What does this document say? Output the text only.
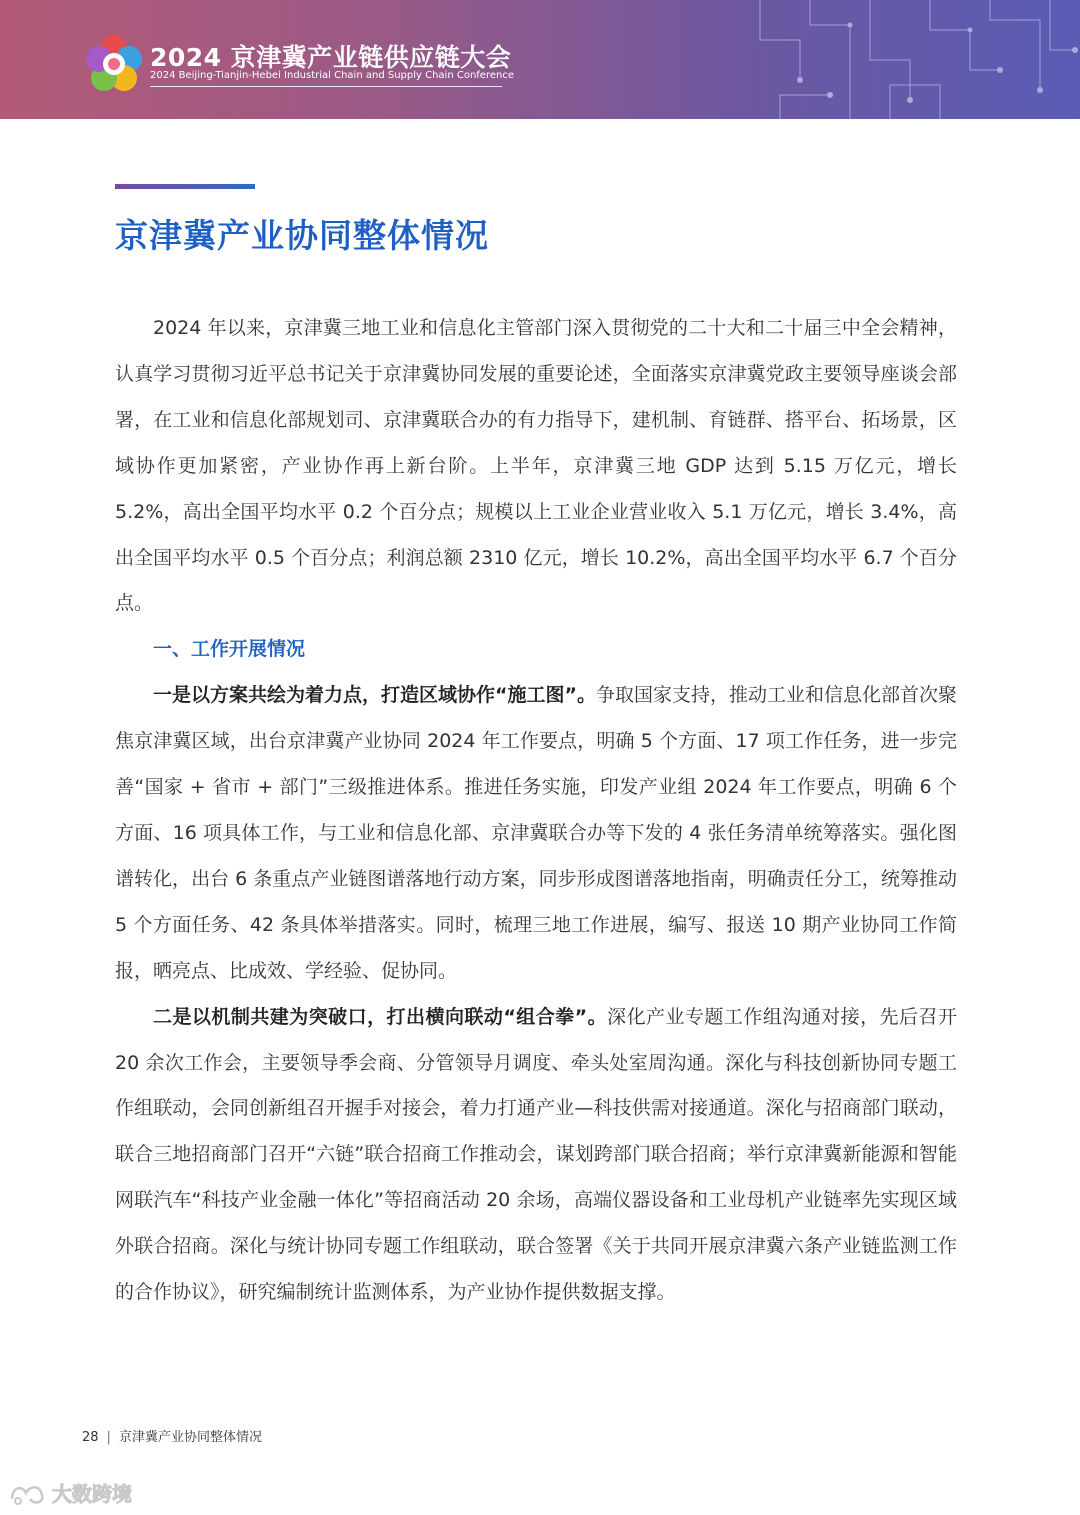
2024 京津冀产业链供应链大会
2024 Beijing-Tianjin-Hebei Industrial Chain and Supply Chain Conference
京津冀产业协同整体情况

2024 年以来，京津冀三地工业和信息化主管部门深入贯彻党的二十大和二十届三中全会精神，认真学习贯彻习近平总书记关于京津冀协同发展的重要论述，全面落实京津冀党政主要领导座谈会部署，在工业和信息化部规划司、京津冀联合办的有力指导下，建机制、育链群、搭平台、拓场景，区域协作更加紧密，产业协作再上新台阶。上半年，京津冀三地 GDP 达到 5.15 万亿元，增长 5.2%，高出全国平均水平 0.2 个百分点；规模以上工业企业营业收入 5.1 万亿元，增长 3.4%，高出全国平均水平 0.5 个百分点；利润总额 2310 亿元，增长 10.2%，高出全国平均水平 6.7 个百分点。

一、工作开展情况

一是以方案共绘为着力点，打造区域协作“施工图”。争取国家支持，推动工业和信息化部首次聚焦京津冀区域，出台京津冀产业协同 2024 年工作要点，明确 5 个方面、17 项工作任务，进一步完善“国家 + 省市 + 部门”三级推进体系。推进任务实施，印发产业组 2024 年工作要点，明确 6 个方面、16 项具体工作，与工业和信息化部、京津冀联合办等下发的 4 张任务清单统筹落实。强化图谱转化，出台 6 条重点产业链图谱落地行动方案，同步形成图谱落地指南，明确责任分工，统筹推动 5 个方面任务、42 条具体举措落实。同时，梳理三地工作进展，编写、报送 10 期产业协同工作简报，晒亮点、比成效、学经验、促协同。

二是以机制共建为突破口，打出横向联动“组合拳”。深化产业专题工作组沟通对接，先后召开 20 余次工作会，主要领导季会商、分管领导月调度、牵头处室周沟通。深化与科技创新协同专题工作组联动，会同创新组召开握手对接会，着力打通产业—科技供需对接通道。深化与招商部门联动，联合三地招商部门召开“六链”联合招商工作推动会，谋划跨部门联合招商；举行京津冀新能源和智能网联汽车“科技产业金融一体化”等招商活动 20 余场，高端仪器设备和工业母机产业链率先实现区域外联合招商。深化与统计协同专题工作组联动，联合签署《关于共同开展京津冀六条产业链监测工作的合作协议》，研究编制统计监测体系，为产业协作提供数据支撑。

28 | 京津冀产业协同整体情况
大数跨境
